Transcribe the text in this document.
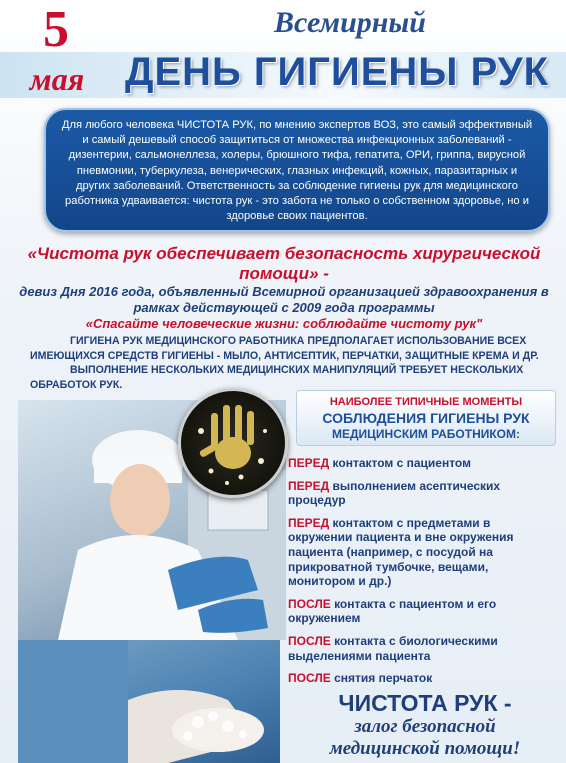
5
мая
Всемирный
ДЕНЬ ГИГИЕНЫ РУК
Для любого человека ЧИСТОТА РУК, по мнению экспертов ВОЗ, это самый эффективный и самый дешевый способ защититься от множества инфекционных заболеваний - дизентерии, сальмонеллеза, холеры, брюшного тифа, гепатита, ОРИ, гриппа, вирусной пневмонии, туберкулеза, венерических, глазных инфекций, кожных, паразитарных и других заболеваний. Ответственность за соблюдение гигиены рук для медицинского работника удваивается: чистота рук - это забота не только о собственном здоровье, но и здоровье своих пациентов.
«Чистота рук обеспечивает безопасность хирургической помощи» -
девиз Дня 2016 года, объявленный Всемирной организацией здравоохранения в рамках действующей с 2009 года программы
«Спасайте человеческие жизни: соблюдайте чистоту рук"
ГИГИЕНА РУК МЕДИЦИНСКОГО РАБОТНИКА ПРЕДПОЛАГАЕТ ИСПОЛЬЗОВАНИЕ ВСЕХ ИМЕЮЩИХСЯ СРЕДСТВ ГИГИЕНЫ - МЫЛО, АНТИСЕПТИК, ПЕРЧАТКИ, ЗАЩИТНЫЕ КРЕМА И ДР.
ВЫПОЛНЕНИЕ НЕСКОЛЬКИХ МЕДИЦИНСКИХ МАНИПУЛЯЦИЙ ТРЕБУЕТ НЕСКОЛЬКИХ ОБРАБОТОК РУК.
НАИБОЛЕЕ ТИПИЧНЫЕ МОМЕНТЫ
СОБЛЮДЕНИЯ ГИГИЕНЫ РУК
МЕДИЦИНСКИМ РАБОТНИКОМ:
ПЕРЕД контактом с пациентом
ПЕРЕД выполнением асептических процедур
ПЕРЕД контактом с предметами в окружении пациента и вне окружения пациента (например, с посудой на прикроватной тумбочке, вещами, монитором и др.)
ПОСЛЕ контакта с пациентом и его окружением
ПОСЛЕ контакта с биологическими выделениями пациента
ПОСЛЕ снятия перчаток
ЧИСТОТА РУК -
залог безопасной
медицинской помощи!
